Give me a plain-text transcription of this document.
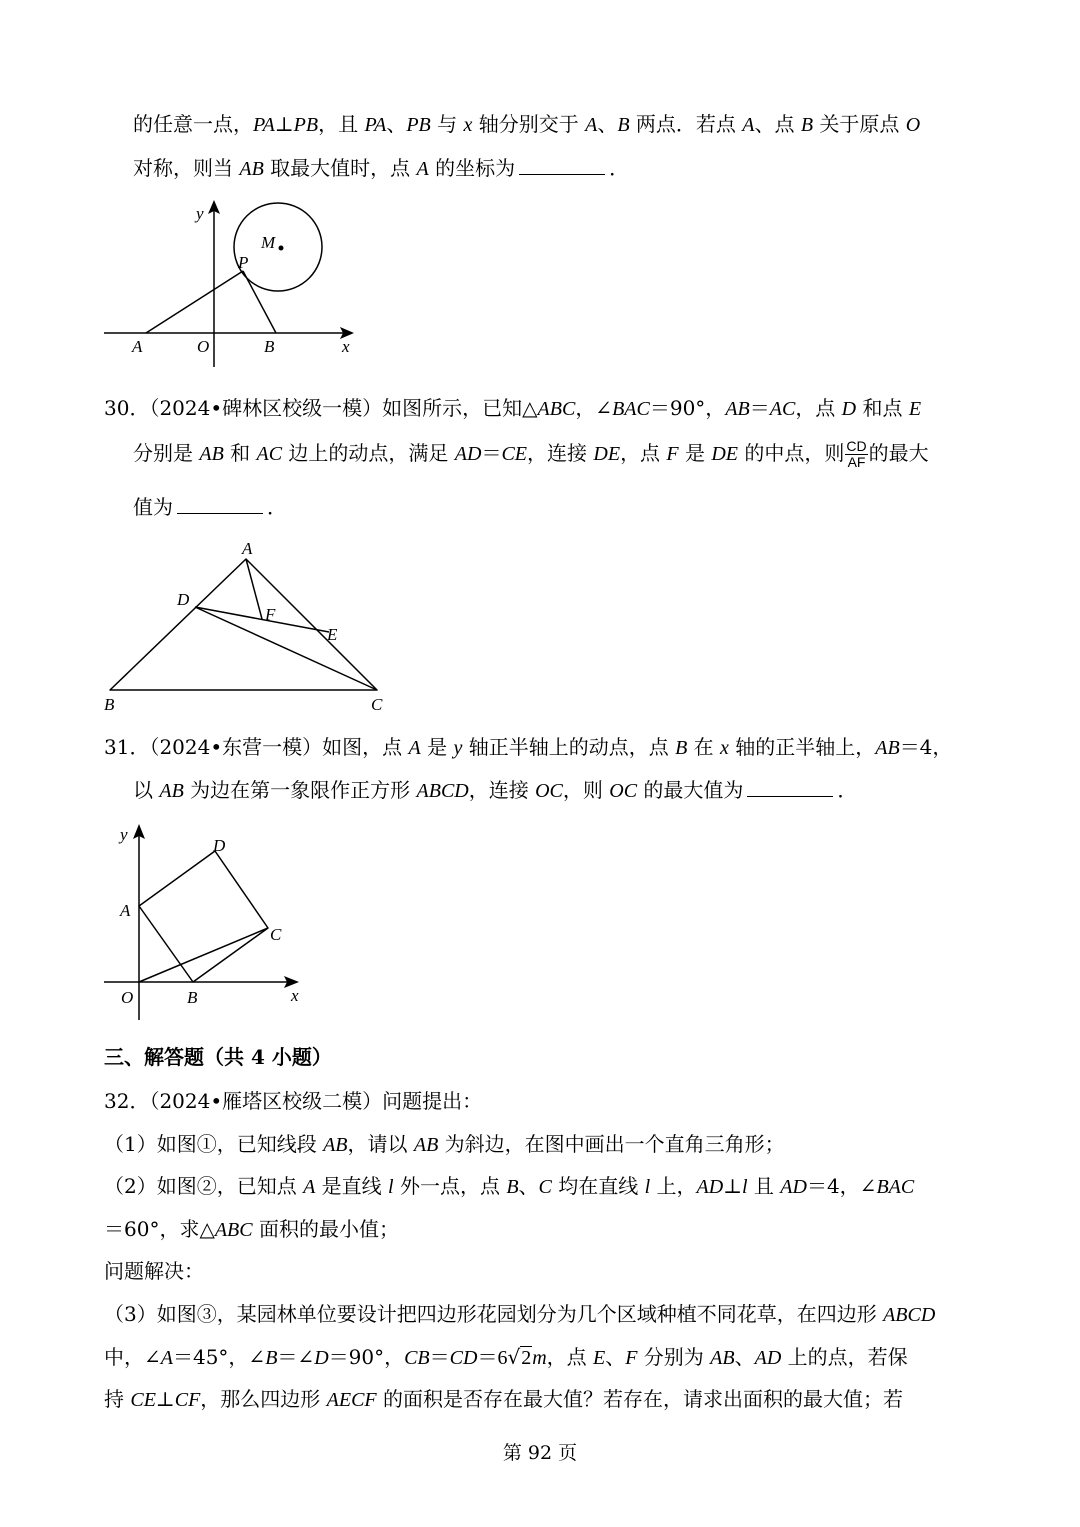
的任意一点，PA⊥PB，且 PA、PB 与 x 轴分别交于 A、B 两点．若点 A、点 B 关于原点 O
对称，则当 AB 取最大值时，点 A 的坐标为	．
y
M
P
A	O	B	x
30．（2024•碑林区校级一模）如图所示，已知△ABC，∠BAC＝90°，AB＝AC，点 D 和点 E
分别是 AB 和 AC 边上的动点，满足 AD＝CE，连接 DE，点 F 是 DE 的中点，则 $\frac{CD}{AF}$ 的最大
值为	．
A
D
F
E
B	C
31．（2024•东营一模）如图，点 A 是 y 轴正半轴上的动点，点 B 在 x 轴的正半轴上，AB＝4，
以 AB 为边在第一象限作正方形 ABCD，连接 OC，则 OC 的最大值为	．
y
D
A
C
O	B	x
三、解答题（共 4 小题）
32．（2024•雁塔区校级二模）问题提出：
（1）如图①，已知线段 AB，请以 AB 为斜边，在图中画出一个直角三角形；
（2）如图②，已知点 A 是直线 l 外一点，点 B、C 均在直线 l 上，AD⊥l 且 AD＝4，∠BAC
＝60°，求△ABC 面积的最小值；
问题解决：
（3）如图③，某园林单位要设计把四边形花园划分为几个区域种植不同花草，在四边形 ABCD
中，∠A＝45°，∠B＝∠D＝90°，CB＝CD＝6√2m，点 E、F 分别为 AB、AD 上的点，若保
持 CE⊥CF，那么四边形 AECF 的面积是否存在最大值？若存在，请求出面积的最大值；若
第 92 页
